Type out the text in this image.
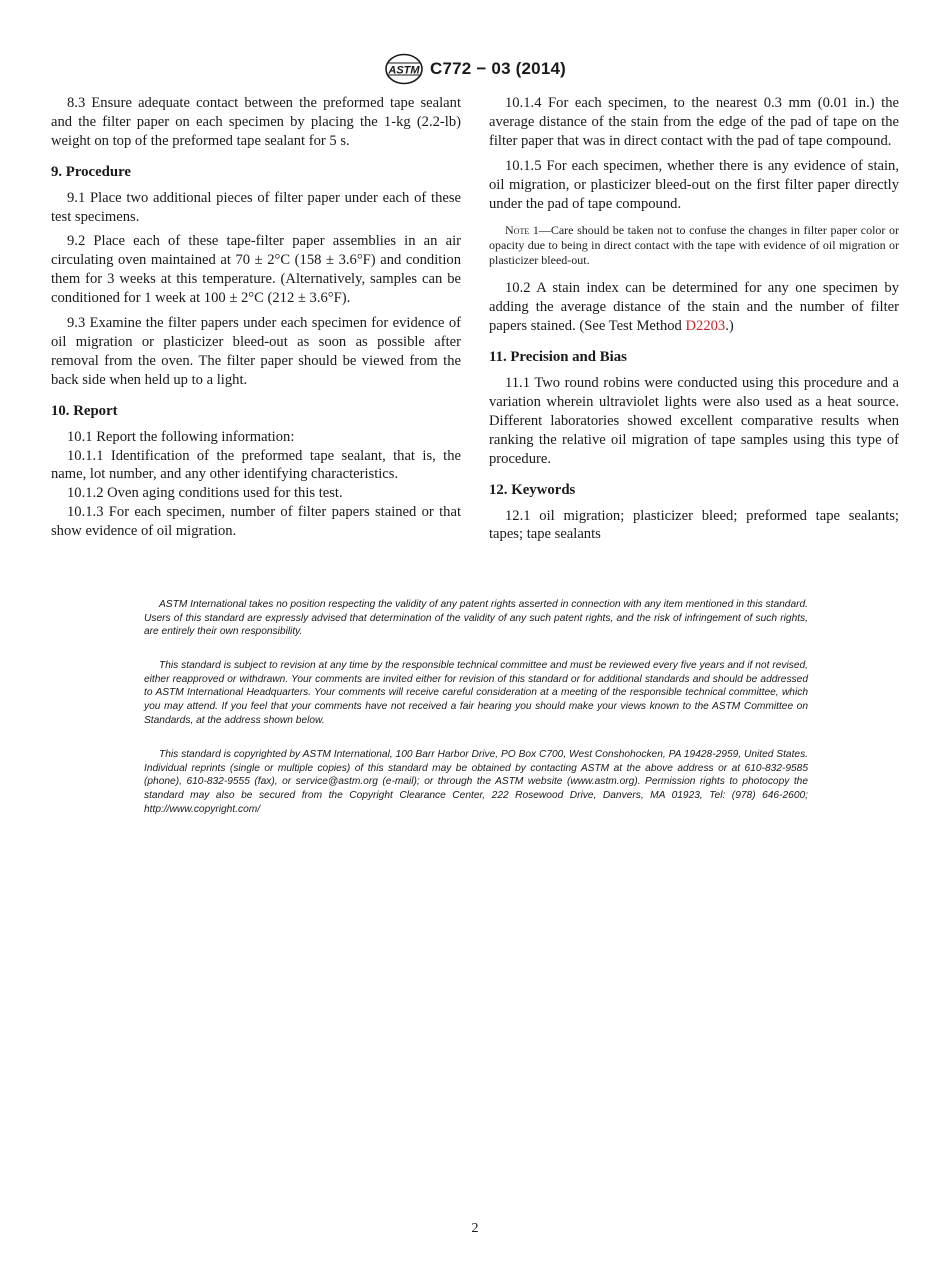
ASTM C772 − 03 (2014)

8.3 Ensure adequate contact between the preformed tape sealant and the filter paper on each specimen by placing the 1-kg (2.2-lb) weight on top of the preformed tape sealant for 5 s.

9. Procedure

9.1 Place two additional pieces of filter paper under each of these test specimens.

9.2 Place each of these tape-filter paper assemblies in an air circulating oven maintained at 70 ± 2°C (158 ± 3.6°F) and condition them for 3 weeks at this temperature. (Alternatively, samples can be conditioned for 1 week at 100 ± 2°C (212 ± 3.6°F).

9.3 Examine the filter papers under each specimen for evidence of oil migration or plasticizer bleed-out as soon as possible after removal from the oven. The filter paper should be viewed from the back side when held up to a light.

10. Report

10.1 Report the following information:

10.1.1 Identification of the preformed tape sealant, that is, the name, lot number, and any other identifying characteristics.

10.1.2 Oven aging conditions used for this test.

10.1.3 For each specimen, number of filter papers stained or that show evidence of oil migration.

10.1.4 For each specimen, to the nearest 0.3 mm (0.01 in.) the average distance of the stain from the edge of the pad of tape on the filter paper that was in direct contact with the pad of tape compound.

10.1.5 For each specimen, whether there is any evidence of stain, oil migration, or plasticizer bleed-out on the first filter paper directly under the pad of tape compound.

Note 1—Care should be taken not to confuse the changes in filter paper color or opacity due to being in direct contact with the tape with evidence of oil migration or plasticizer bleed-out.

10.2 A stain index can be determined for any one specimen by adding the average distance of the stain and the number of filter papers stained. (See Test Method D2203.)

11. Precision and Bias

11.1 Two round robins were conducted using this procedure and a variation wherein ultraviolet lights were also used as a heat source. Different laboratories showed excellent comparative results when ranking the relative oil migration of tape samples using this type of procedure.

12. Keywords

12.1 oil migration; plasticizer bleed; preformed tape sealants; tapes; tape sealants

ASTM International takes no position respecting the validity of any patent rights asserted in connection with any item mentioned in this standard. Users of this standard are expressly advised that determination of the validity of any such patent rights, and the risk of infringement of such rights, are entirely their own responsibility.

This standard is subject to revision at any time by the responsible technical committee and must be reviewed every five years and if not revised, either reapproved or withdrawn. Your comments are invited either for revision of this standard or for additional standards and should be addressed to ASTM International Headquarters. Your comments will receive careful consideration at a meeting of the responsible technical committee, which you may attend. If you feel that your comments have not received a fair hearing you should make your views known to the ASTM Committee on Standards, at the address shown below.

This standard is copyrighted by ASTM International, 100 Barr Harbor Drive, PO Box C700, West Conshohocken, PA 19428-2959, United States. Individual reprints (single or multiple copies) of this standard may be obtained by contacting ASTM at the above address or at 610-832-9585 (phone), 610-832-9555 (fax), or service@astm.org (e-mail); or through the ASTM website (www.astm.org). Permission rights to photocopy the standard may also be secured from the Copyright Clearance Center, 222 Rosewood Drive, Danvers, MA 01923, Tel: (978) 646-2600; http://www.copyright.com/

2
